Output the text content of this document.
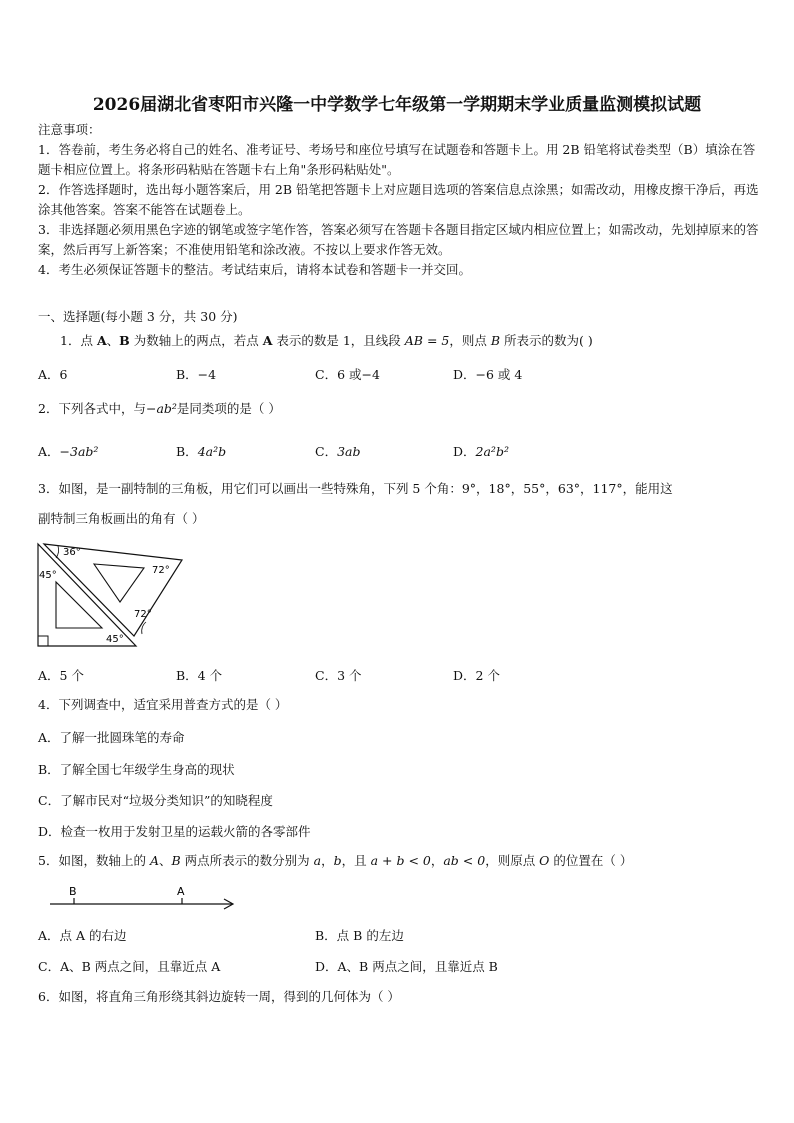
2026届湖北省枣阳市兴隆一中学数学七年级第一学期期末学业质量监测模拟试题

注意事项：

1．答卷前，考生务必将自己的姓名、准考证号、考场号和座位号填写在试题卷和答题卡上。用 2B 铅笔将试卷类型（B）填涂在答题卡相应位置上。将条形码粘贴在答题卡右上角"条形码粘贴处"。

2．作答选择题时，选出每小题答案后，用 2B 铅笔把答题卡上对应题目选项的答案信息点涂黑；如需改动，用橡皮擦干净后，再选涂其他答案。答案不能答在试题卷上。

3．非选择题必须用黑色字迹的钢笔或签字笔作答，答案必须写在答题卡各题目指定区域内相应位置上；如需改动，先划掉原来的答案，然后再写上新答案；不准使用铅笔和涂改液。不按以上要求作答无效。

4．考生必须保证答题卡的整洁。考试结束后，请将本试卷和答题卡一并交回。

一、选择题(每小题 3 分，共 30 分)
1．点 A、B 为数轴上的两点，若点 A 表示的数是 1，且线段 AB = 5，则点 B 所表示的数为( )
A．6	B．−4	C．6 或−4	D．−6 或 4
2．下列各式中，与−ab²是同类项的是（ ）
A．−3ab²	B．4a²b	C．3ab	D．2a²b²
3．如图，是一副特制的三角板，用它们可以画出一些特殊角，下列 5 个角：9°，18°，55°，63°，117°，能用这
副特制三角板画出的角有（ ）
36°
72°
45°
72°
45°
A．5 个	B．4 个	C．3 个	D．2 个
4．下列调查中，适宜采用普查方式的是（ ）
A．了解一批圆珠笔的寿命
B．了解全国七年级学生身高的现状
C．了解市民对“垃圾分类知识”的知晓程度
D．检查一枚用于发射卫星的运载火箭的各零部件
5．如图，数轴上的 A、B 两点所表示的数分别为 a，b，且 a + b < 0，ab < 0，则原点 O 的位置在（ ）
B	A
A．点 A 的右边	B．点 B 的左边
C．A、B 两点之间，且靠近点 A	D．A、B 两点之间，且靠近点 B
6．如图，将直角三角形绕其斜边旋转一周，得到的几何体为（ ）
